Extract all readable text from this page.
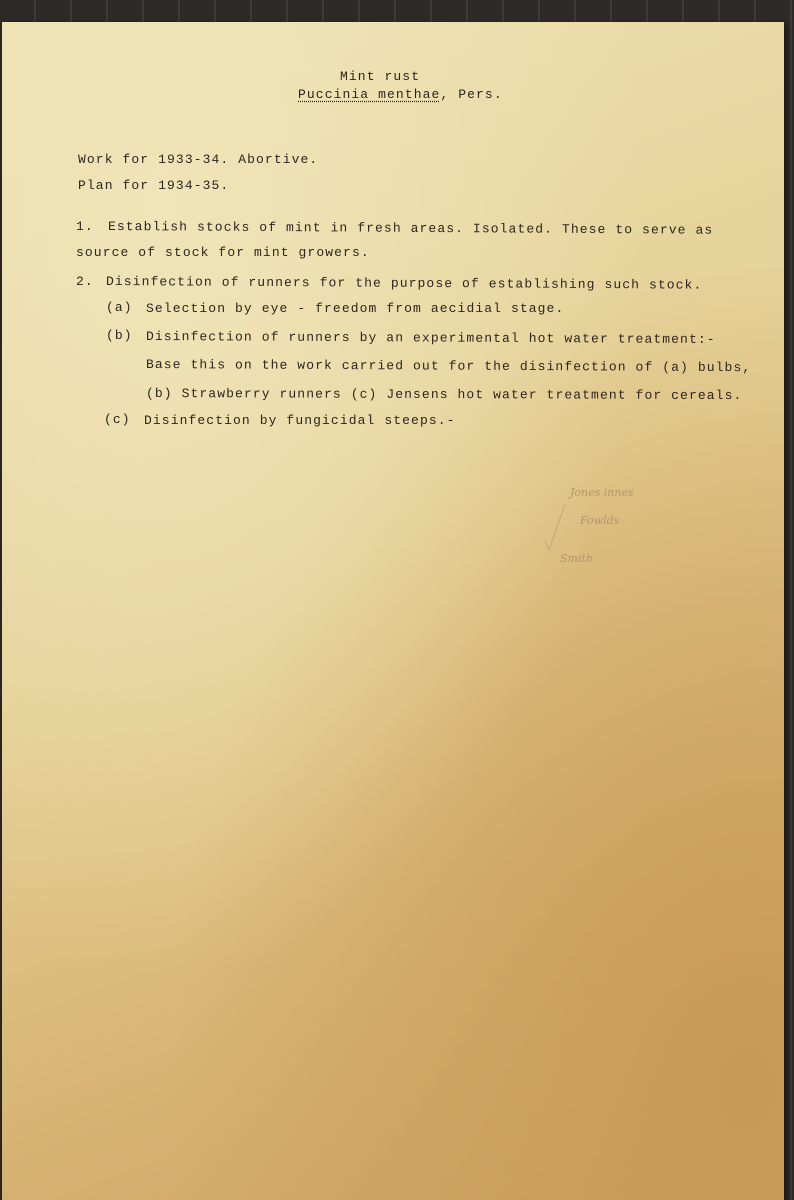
Mint rust
Puccinia menthae, Pers.
Work for 1933-34. Abortive.
Plan for 1934-35.
1. Establish stocks of mint in fresh areas. Isolated. These to serve as
source of stock for mint growers.
2. Disinfection of runners for the purpose of establishing such stock.
(a) Selection by eye - freedom from aecidial stage.
(b) Disinfection of runners by an experimental hot water treatment:-
Base this on the work carried out for the disinfection of (a) bulbs,
(b) Strawberry runners (c) Jensens hot water treatment for cereals.
(c) Disinfection by fungicidal steeps.-
Jones innes
Fowlds
Smith
